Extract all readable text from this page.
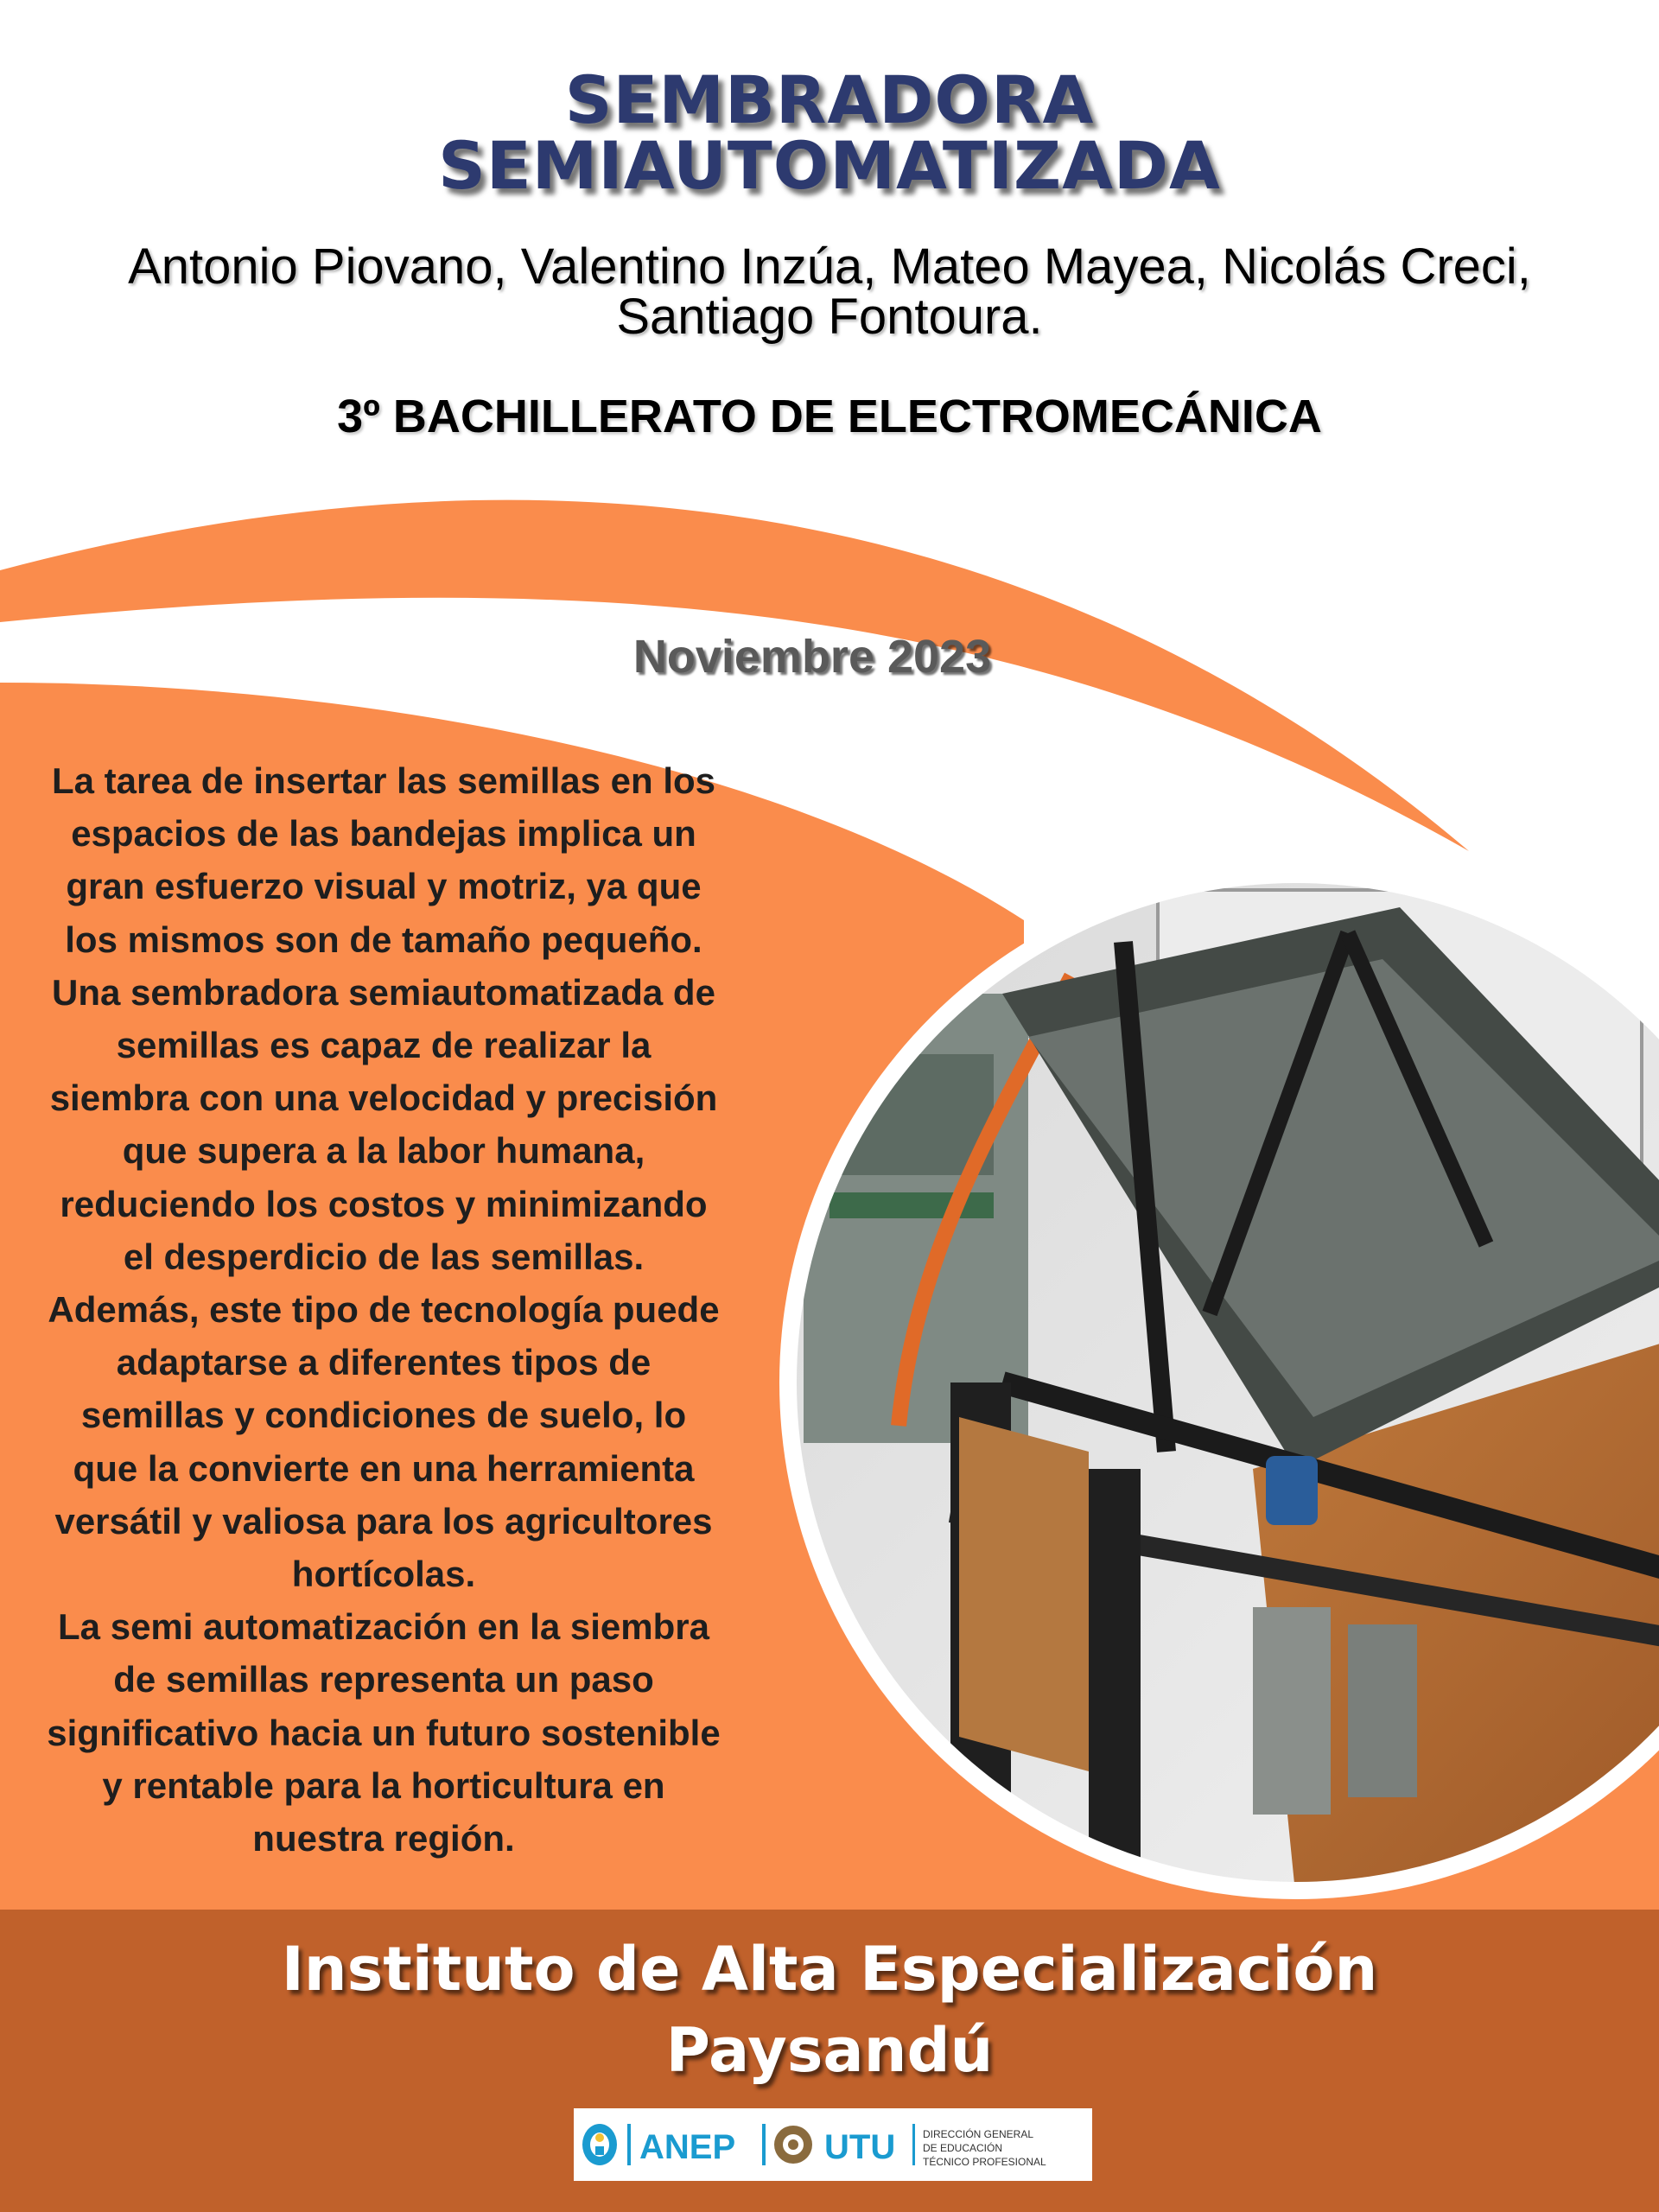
SEMBRADORA
SEMIAUTOMATIZADA

Antonio Piovano, Valentino Inzúa, Mateo Mayea, Nicolás Creci, Santiago Fontoura.

3º BACHILLERATO DE ELECTROMECÁNICA

Noviembre 2023

La tarea de insertar las semillas en los
espacios de las bandejas implica un
gran esfuerzo visual y motriz, ya que
los mismos son de tamaño pequeño.
Una sembradora semiautomatizada de
semillas es capaz de realizar la
siembra con una velocidad y precisión
que supera a la labor humana,
reduciendo los costos y minimizando
el desperdicio de las semillas.
Además, este tipo de tecnología puede
adaptarse a diferentes tipos de
semillas y condiciones de suelo, lo
que la convierte en una herramienta
versátil y valiosa para los agricultores
hortícolas.
La semi automatización en la siembra
de semillas representa un paso
significativo hacia un futuro sostenible
y rentable para la horticultura en
nuestra región.
Instituto de Alta Especialización
Paysandú
ANEP	UTU	DIRECCIÓN GENERAL
DE EDUCACIÓN
TÉCNICO PROFESIONAL
